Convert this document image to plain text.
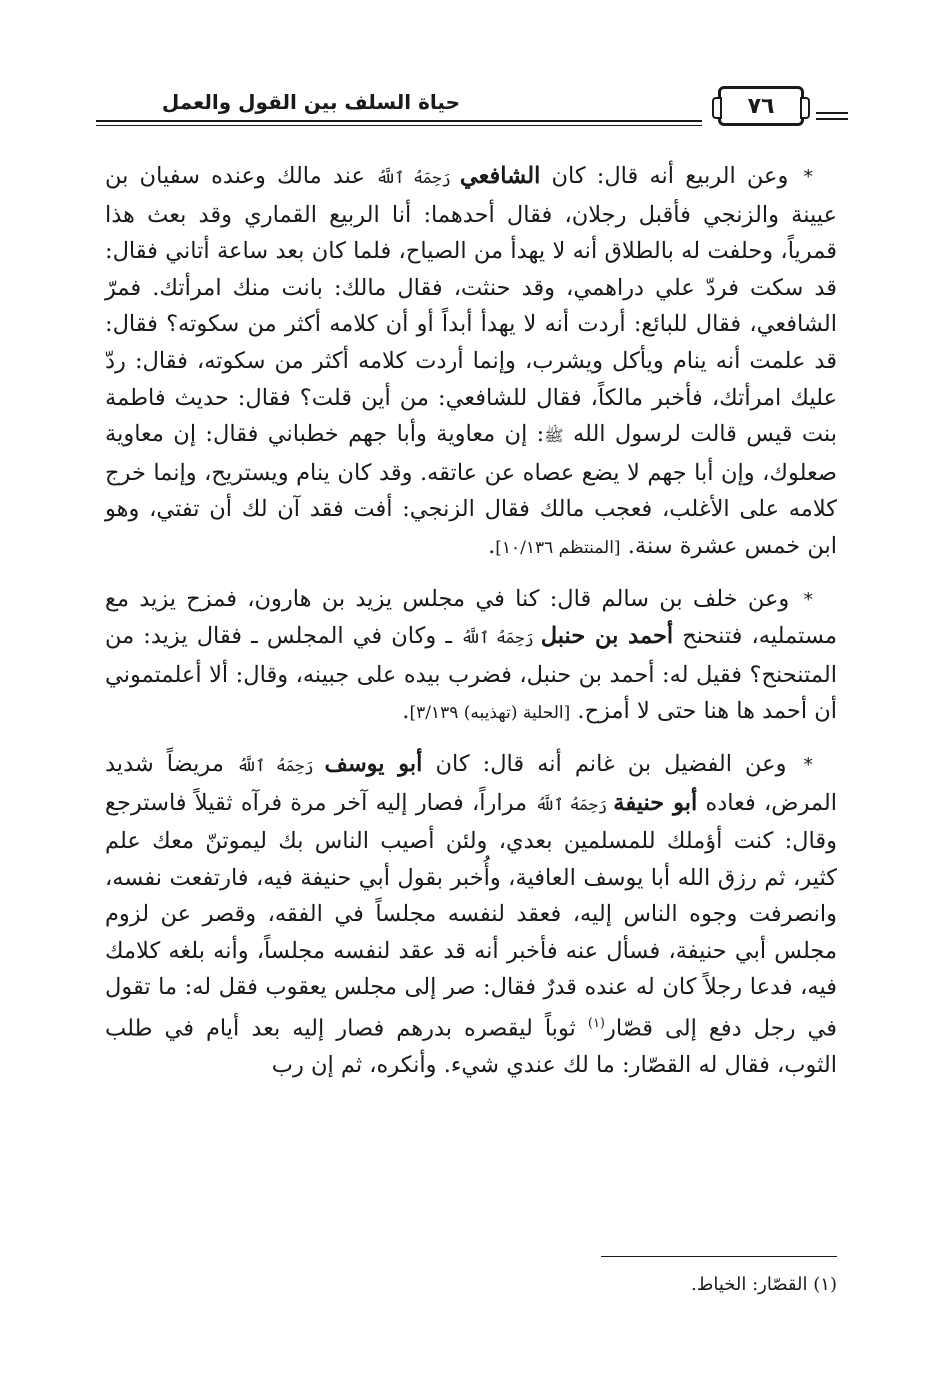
حياة السلف بين القول والعمل	٧٦

* وعن الربيع أنه قال: كان الشافعي رَحِمَهُ ٱللَّهُ عند مالك وعنده سفيان بن عيينة والزنجي فأقبل رجلان، فقال أحدهما: أنا الربيع القماري وقد بعث هذا قمرياً، وحلفت له بالطلاق أنه لا يهدأ من الصياح، فلما كان بعد ساعة أتاني فقال: قد سكت فردّ علي دراهمي، وقد حنثت، فقال مالك: بانت منك امرأتك. فمرّ الشافعي، فقال للبائع: أردت أنه لا يهدأ أبداً أو أن كلامه أكثر من سكوته؟ فقال: قد علمت أنه ينام ويأكل ويشرب، وإنما أردت كلامه أكثر من سكوته، فقال: ردّ عليك امرأتك، فأخبر مالكاً، فقال للشافعي: من أين قلت؟ فقال: حديث فاطمة بنت قيس قالت لرسول الله ﷺ: إن معاوية وأبا جهم خطباني فقال: إن معاوية صعلوك، وإن أبا جهم لا يضع عصاه عن عاتقه. وقد كان ينام ويستريح، وإنما خرج كلامه على الأغلب، فعجب مالك فقال الزنجي: أفت فقد آن لك أن تفتي، وهو ابن خمس عشرة سنة. [المنتظم ١٠/١٣٦].

* وعن خلف بن سالم قال: كنا في مجلس يزيد بن هارون، فمزح يزيد مع مستمليه، فتنحنح أحمد بن حنبل رَحِمَهُ ٱللَّهُ ـ وكان في المجلس ـ فقال يزيد: من المتنحنح؟ فقيل له: أحمد بن حنبل، فضرب بيده على جبينه، وقال: ألا أعلمتموني أن أحمد ها هنا حتى لا أمزح. [الحلية (تهذيبه) ٣/١٣٩].

* وعن الفضيل بن غانم أنه قال: كان أبو يوسف رَحِمَهُ ٱللَّهُ مريضاً شديد المرض، فعاده أبو حنيفة رَحِمَهُ ٱللَّهُ مراراً، فصار إليه آخر مرة فرآه ثقيلاً فاسترجع وقال: كنت أؤملك للمسلمين بعدي، ولئن أصيب الناس بك ليموتنّ معك علم كثير، ثم رزق الله أبا يوسف العافية، وأُخبر بقول أبي حنيفة فيه، فارتفعت نفسه، وانصرفت وجوه الناس إليه، فعقد لنفسه مجلساً في الفقه، وقصر عن لزوم مجلس أبي حنيفة، فسأل عنه فأخبر أنه قد عقد لنفسه مجلساً، وأنه بلغه كلامك فيه، فدعا رجلاً كان له عنده قدرٌ فقال: صر إلى مجلس يعقوب فقل له: ما تقول في رجل دفع إلى قصّار$^{(١)}$ ثوباً ليقصره بدرهم فصار إليه بعد أيام في طلب الثوب، فقال له القصّار: ما لك عندي شيء. وأنكره، ثم إن رب

(١) القصّار: الخياط.
